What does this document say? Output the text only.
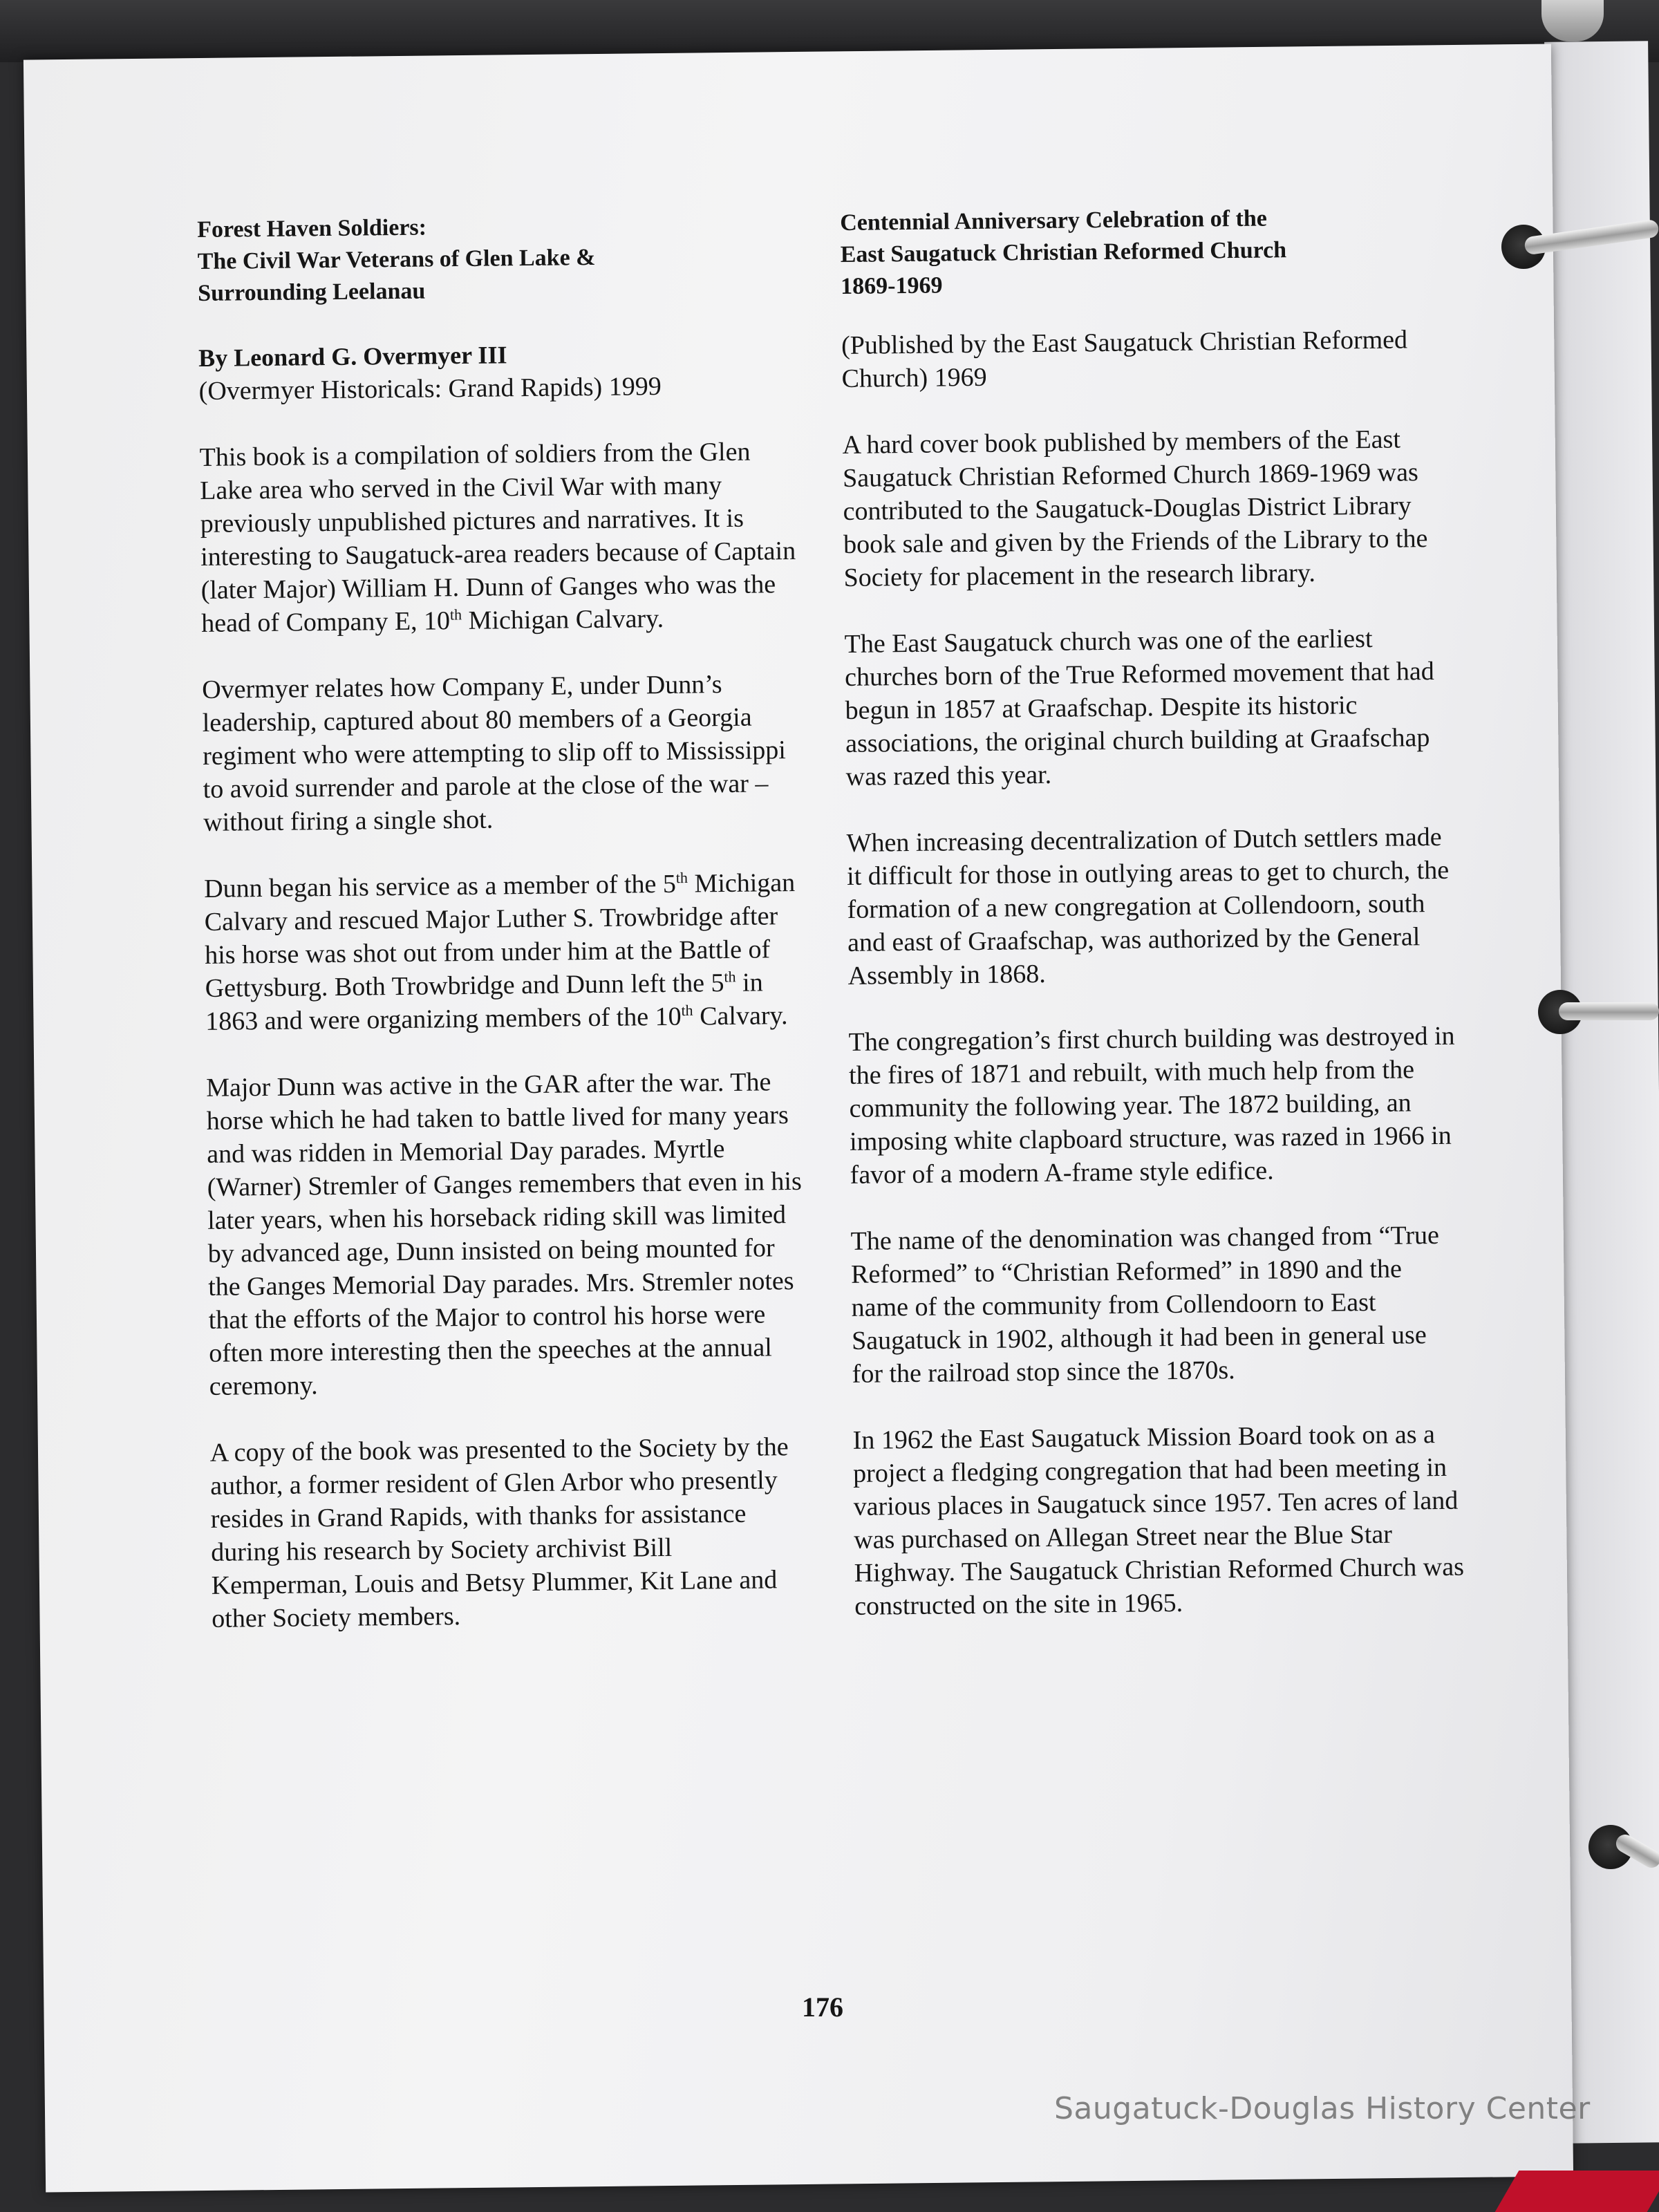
Forest Haven Soldiers:
The Civil War Veterans of Glen Lake &
Surrounding Leelanau
By Leonard G. Overmyer III
(Overmyer Historicals: Grand Rapids) 1999

This book is a compilation of soldiers from the Glen Lake area who served in the Civil War with many previously unpublished pictures and narratives. It is interesting to Saugatuck-area readers because of Captain (later Major) William H. Dunn of Ganges who was the head of Company E, 10th Michigan Calvary.

Overmyer relates how Company E, under Dunn’s leadership, captured about 80 members of a Georgia regiment who were attempting to slip off to Mississippi to avoid surrender and parole at the close of the war – without firing a single shot.

Dunn began his service as a member of the 5th Michigan Calvary and rescued Major Luther S. Trowbridge after his horse was shot out from under him at the Battle of Gettysburg. Both Trowbridge and Dunn left the 5th in 1863 and were organizing members of the 10th Calvary.

Major Dunn was active in the GAR after the war. The horse which he had taken to battle lived for many years and was ridden in Memorial Day parades. Myrtle (Warner) Stremler of Ganges remembers that even in his later years, when his horseback riding skill was limited by advanced age, Dunn insisted on being mounted for the Ganges Memorial Day parades. Mrs. Stremler notes that the efforts of the Major to control his horse were often more interesting then the speeches at the annual ceremony.

A copy of the book was presented to the Society by the author, a former resident of Glen Arbor who presently resides in Grand Rapids, with thanks for assistance during his research by Society archivist Bill Kemperman, Louis and Betsy Plummer, Kit Lane and other Society members.

Centennial Anniversary Celebration of the
East Saugatuck Christian Reformed Church
1869-1969
(Published by the East Saugatuck Christian Reformed Church) 1969

A hard cover book published by members of the East Saugatuck Christian Reformed Church 1869-1969 was contributed to the Saugatuck-Douglas District Library book sale and given by the Friends of the Library to the Society for placement in the research library.

The East Saugatuck church was one of the earliest churches born of the True Reformed movement that had begun in 1857 at Graafschap. Despite its historic associations, the original church building at Graafschap was razed this year.

When increasing decentralization of Dutch settlers made it difficult for those in outlying areas to get to church, the formation of a new congregation at Collendoorn, south and east of Graafschap, was authorized by the General Assembly in 1868.

The congregation’s first church building was destroyed in the fires of 1871 and rebuilt, with much help from the community the following year. The 1872 building, an imposing white clapboard structure, was razed in 1966 in favor of a modern A-frame style edifice.

The name of the denomination was changed from “True Reformed” to “Christian Reformed” in 1890 and the name of the community from Collendoorn to East Saugatuck in 1902, although it had been in general use for the railroad stop since the 1870s.

In 1962 the East Saugatuck Mission Board took on as a project a fledging congregation that had been meeting in various places in Saugatuck since 1957. Ten acres of land was purchased on Allegan Street near the Blue Star Highway. The Saugatuck Christian Reformed Church was constructed on the site in 1965.

176
Saugatuck-Douglas History Center
